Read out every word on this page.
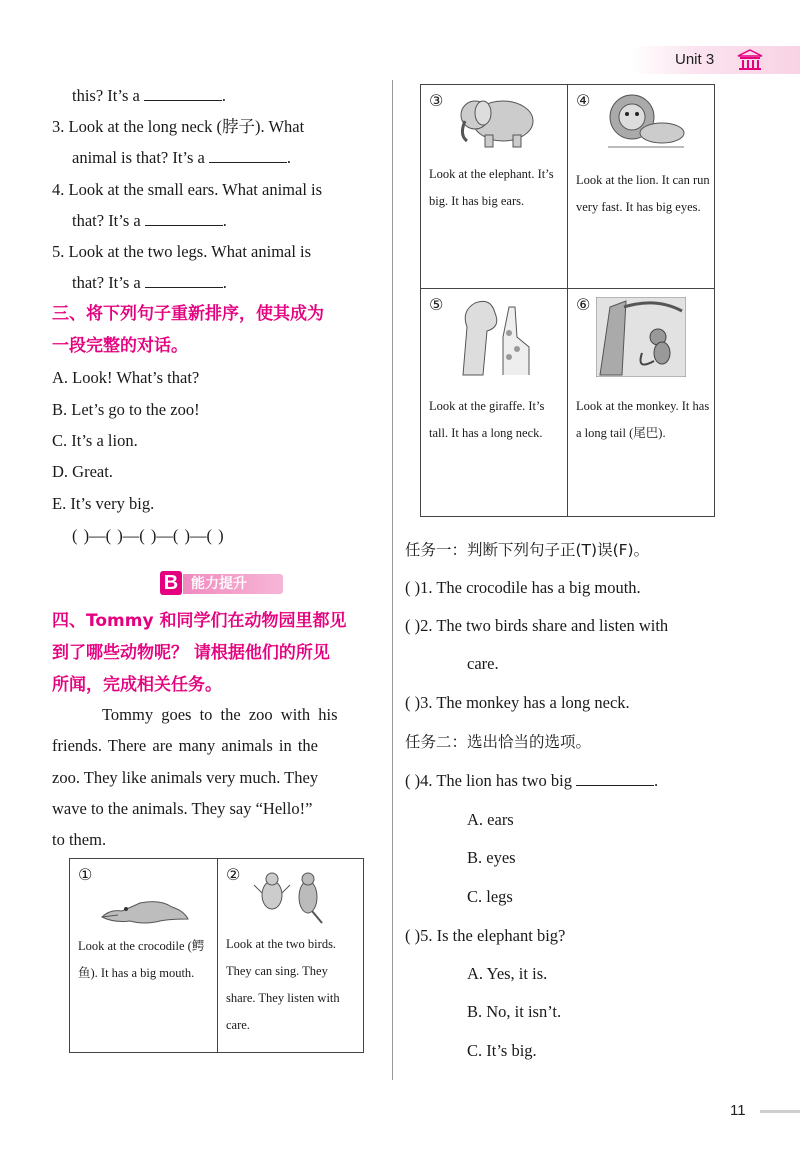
Unit 3
this? It’s a	.
3. Look at the long neck (脖子). What
animal is that? It’s a	.
4. Look at the small ears. What animal is
that? It’s a	.
5. Look at the two legs. What animal is
that? It’s a	.
三、将下列句子重新排序，使其成为
一段完整的对话。
A. Look! What’s that?
B. Let’s go to the zoo!
C. It’s a lion.
D. Great.
E. It’s very big.
( )—( )—( )—( )—( )
B 能力提升
四、Tommy 和同学们在动物园里都见
到了哪些动物呢？ 请根据他们的所见
所闻，完成相关任务。
Tommy goes to the zoo with his
friends. There are many animals in the
zoo. They like animals very much. They
wave to the animals. They say “Hello!”
to them.
①
Look at the crocodile (鳄鱼). It has a big mouth.
②
Look at the two birds. They can sing. They share. They listen with care.
③
Look at the elephant. It’s big. It has big ears.
④
Look at the lion. It can run very fast. It has big eyes.
⑤
Look at the giraffe. It’s tall. It has a long neck.
⑥
Look at the monkey. It has a long tail (尾巴).
任务一：判断下列句子正(T)误(F)。
( )1. The crocodile has a big mouth.
( )2. The two birds share and listen with
care.
( )3. The monkey has a long neck.
任务二：选出恰当的选项。
( )4. The lion has two big	.
A. ears
B. eyes
C. legs
( )5. Is the elephant big?
A. Yes, it is.
B. No, it isn’t.
C. It’s big.
11
